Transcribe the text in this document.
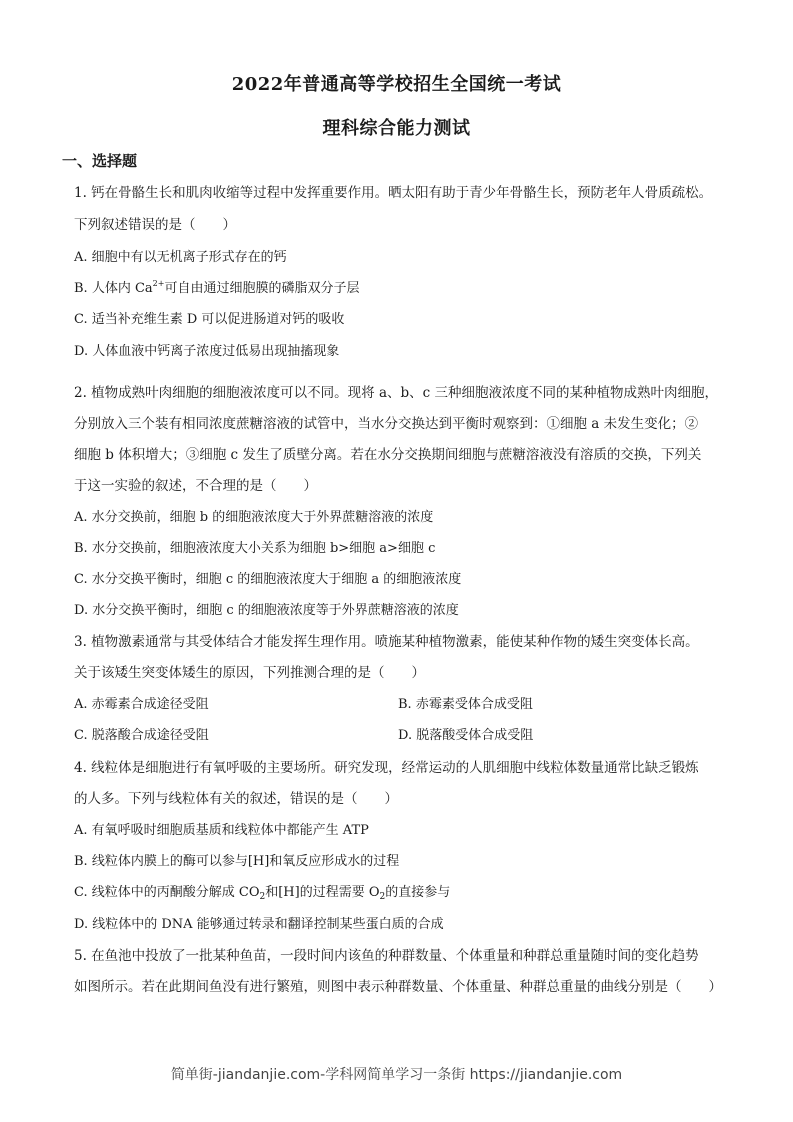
2022年普通高等学校招生全国统一考试
理科综合能力测试
一、选择题
1. 钙在骨骼生长和肌肉收缩等过程中发挥重要作用。晒太阳有助于青少年骨骼生长，预防老年人骨质疏松。
下列叙述错误的是（　　）
A. 细胞中有以无机离子形式存在的钙
B. 人体内 $Ca^{2+}$可自由通过细胞膜的磷脂双分子层
C. 适当补充维生素 D 可以促进肠道对钙的吸收
D. 人体血液中钙离子浓度过低易出现抽搐现象
2. 植物成熟叶肉细胞的细胞液浓度可以不同。现将 a、b、c 三种细胞液浓度不同的某种植物成熟叶肉细胞，
分别放入三个装有相同浓度蔗糖溶液的试管中，当水分交换达到平衡时观察到：①细胞 a 未发生变化；②
细胞 b 体积增大；③细胞 c 发生了质壁分离。若在水分交换期间细胞与蔗糖溶液没有溶质的交换，下列关
于这一实验的叙述，不合理的是（　　）
A. 水分交换前，细胞 b 的细胞液浓度大于外界蔗糖溶液的浓度
B. 水分交换前，细胞液浓度大小关系为细胞 b>细胞 a>细胞 c
C. 水分交换平衡时，细胞 c 的细胞液浓度大于细胞 a 的细胞液浓度
D. 水分交换平衡时，细胞 c 的细胞液浓度等于外界蔗糖溶液的浓度
3. 植物激素通常与其受体结合才能发挥生理作用。喷施某种植物激素，能使某种作物的矮生突变体长高。
关于该矮生突变体矮生的原因，下列推测合理的是（　　）
A. 赤霉素合成途径受阻	B. 赤霉素受体合成受阻
C. 脱落酸合成途径受阻	D. 脱落酸受体合成受阻
4. 线粒体是细胞进行有氧呼吸的主要场所。研究发现，经常运动的人肌细胞中线粒体数量通常比缺乏锻炼
的人多。下列与线粒体有关的叙述，错误的是（　　）
A. 有氧呼吸时细胞质基质和线粒体中都能产生 ATP
B. 线粒体内膜上的酶可以参与[H]和氧反应形成水的过程
C. 线粒体中的丙酮酸分解成 $CO_2$和[H]的过程需要 $O_2$的直接参与
D. 线粒体中的 DNA 能够通过转录和翻译控制某些蛋白质的合成
5. 在鱼池中投放了一批某种鱼苗，一段时间内该鱼的种群数量、个体重量和种群总重量随时间的变化趋势
如图所示。若在此期间鱼没有进行繁殖，则图中表示种群数量、个体重量、种群总重量的曲线分别是（　　）
简单街-jiandanjie.com-学科网简单学习一条街 https://jiandanjie.com
